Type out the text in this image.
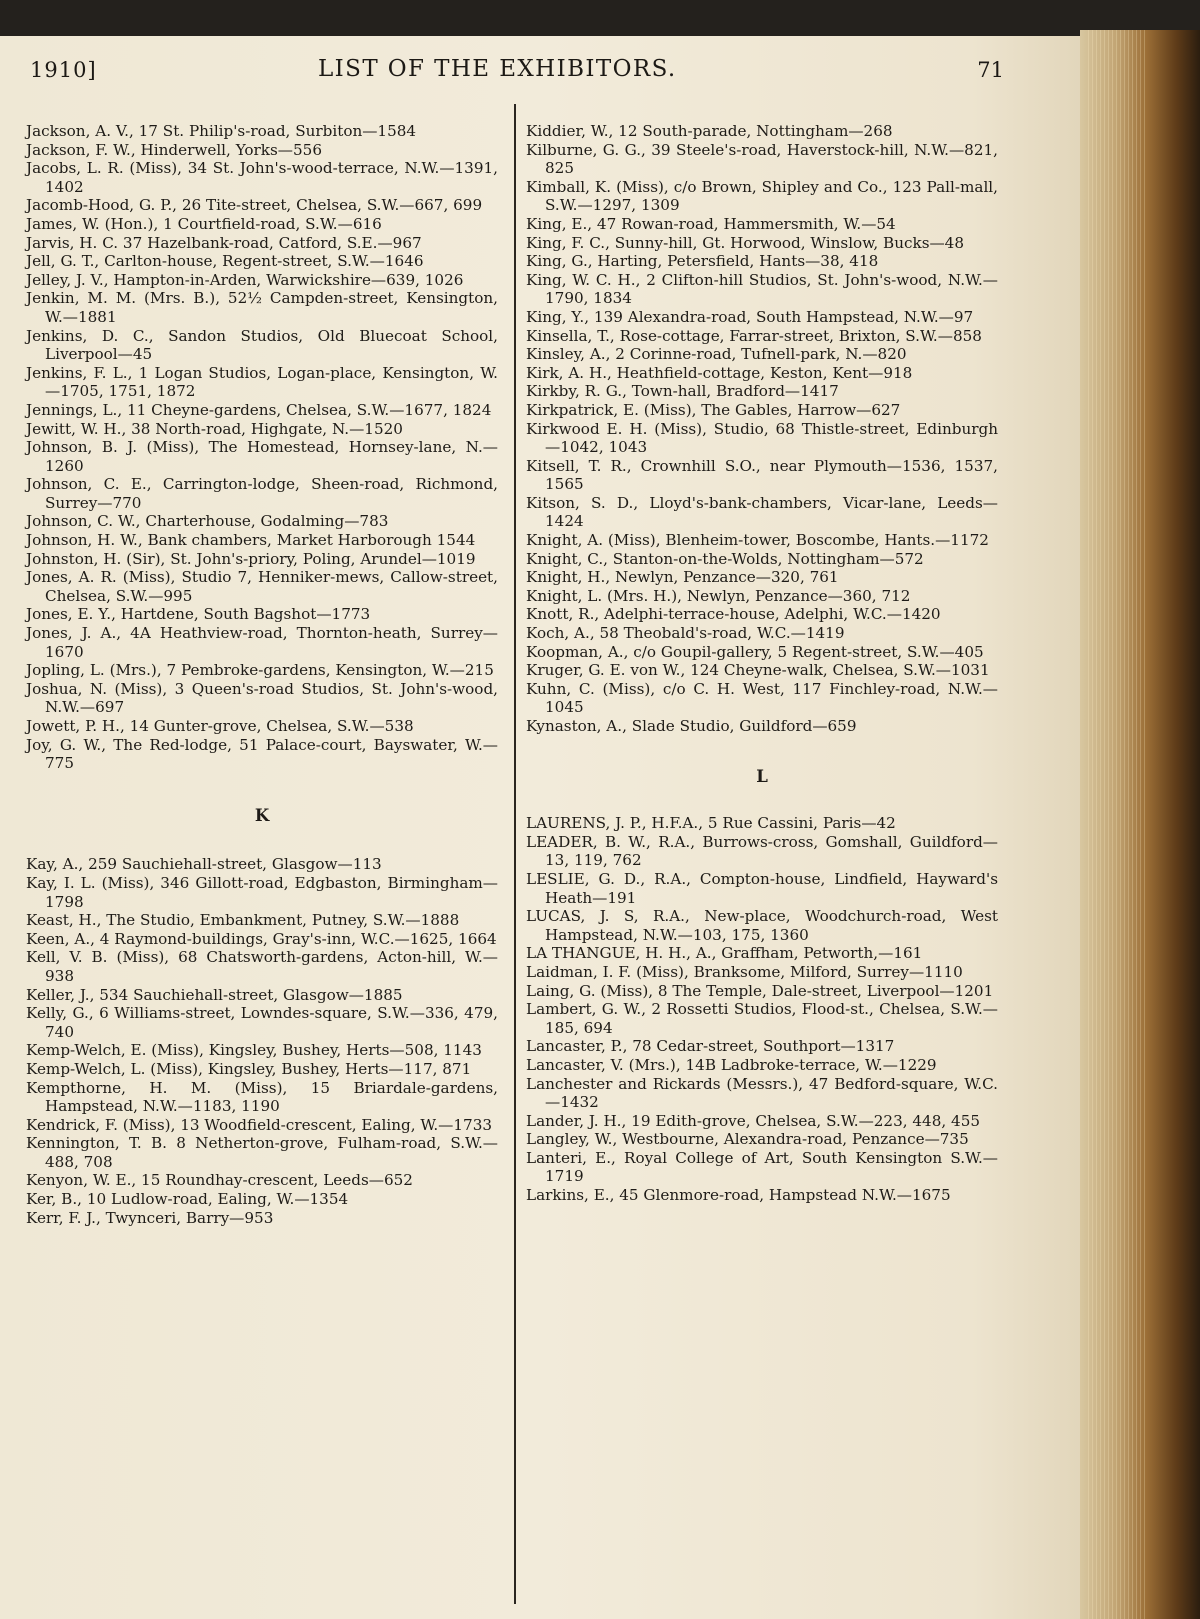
1910]	LIST OF THE EXHIBITORS.	71

Jackson, A. V., 17 St. Philip's-road, Surbiton—1584

Jackson, F. W., Hinderwell, Yorks—556

Jacobs, L. R. (Miss), 34 St. John's-wood-terrace, N.W.—1391, 1402

Jacomb-Hood, G. P., 26 Tite-street, Chelsea, S.W.—667, 699

James, W. (Hon.), 1 Courtfield-road, S.W.—616

Jarvis, H. C. 37 Hazelbank-road, Catford, S.E.—967

Jell, G. T., Carlton-house, Regent-street, S.W.—1646

Jelley, J. V., Hampton-in-Arden, Warwickshire—639, 1026

Jenkin, M. M. (Mrs. B.), 52½ Campden-street, Kensington, W.—1881

Jenkins, D. C., Sandon Studios, Old Bluecoat School, Liverpool—45

Jenkins, F. L., 1 Logan Studios, Logan-place, Kensington, W.—1705, 1751, 1872

Jennings, L., 11 Cheyne-gardens, Chelsea, S.W.—1677, 1824

Jewitt, W. H., 38 North-road, Highgate, N.—1520

Johnson, B. J. (Miss), The Homestead, Hornsey-lane, N.—1260

Johnson, C. E., Carrington-lodge, Sheen-road, Richmond, Surrey—770

Johnson, C. W., Charterhouse, Godalming—783

Johnson, H. W., Bank chambers, Market Harborough 1544

Johnston, H. (Sir), St. John's-priory, Poling, Arundel—1019

Jones, A. R. (Miss), Studio 7, Henniker-mews, Callow-street, Chelsea, S.W.—995

Jones, E. Y., Hartdene, South Bagshot—1773

Jones, J. A., 4A Heathview-road, Thornton-heath, Surrey—1670

Jopling, L. (Mrs.), 7 Pembroke-gardens, Kensington, W.—215

Joshua, N. (Miss), 3 Queen's-road Studios, St. John's-wood, N.W.—697

Jowett, P. H., 14 Gunter-grove, Chelsea, S.W.—538

Joy, G. W., The Red-lodge, 51 Palace-court, Bayswater, W.—775

K

Kay, A., 259 Sauchiehall-street, Glasgow—113

Kay, I. L. (Miss), 346 Gillott-road, Edgbaston, Birmingham—1798

Keast, H., The Studio, Embankment, Putney, S.W.—1888

Keen, A., 4 Raymond-buildings, Gray's-inn, W.C.—1625, 1664

Kell, V. B. (Miss), 68 Chatsworth-gardens, Acton-hill, W.—938

Keller, J., 534 Sauchiehall-street, Glasgow—1885

Kelly, G., 6 Williams-street, Lowndes-square, S.W.—336, 479, 740

Kemp-Welch, E. (Miss), Kingsley, Bushey, Herts—508, 1143

Kemp-Welch, L. (Miss), Kingsley, Bushey, Herts—117, 871

Kempthorne, H. M. (Miss), 15 Briardale-gardens, Hampstead, N.W.—1183, 1190

Kendrick, F. (Miss), 13 Woodfield-crescent, Ealing, W.—1733

Kennington, T. B. 8 Netherton-grove, Fulham-road, S.W.—488, 708

Kenyon, W. E., 15 Roundhay-crescent, Leeds—652

Ker, B., 10 Ludlow-road, Ealing, W.—1354

Kerr, F. J., Twynceri, Barry—953

Kiddier, W., 12 South-parade, Nottingham—268

Kilburne, G. G., 39 Steele's-road, Haverstock-hill, N.W.—821, 825

Kimball, K. (Miss), c/o Brown, Shipley and Co., 123 Pall-mall, S.W.—1297, 1309

King, E., 47 Rowan-road, Hammersmith, W.—54

King, F. C., Sunny-hill, Gt. Horwood, Winslow, Bucks—48

King, G., Harting, Petersfield, Hants—38, 418

King, W. C. H., 2 Clifton-hill Studios, St. John's-wood, N.W.—1790, 1834

King, Y., 139 Alexandra-road, South Hampstead, N.W.—97

Kinsella, T., Rose-cottage, Farrar-street, Brixton, S.W.—858

Kinsley, A., 2 Corinne-road, Tufnell-park, N.—820

Kirk, A. H., Heathfield-cottage, Keston, Kent—918

Kirkby, R. G., Town-hall, Bradford—1417

Kirkpatrick, E. (Miss), The Gables, Harrow—627

Kirkwood E. H. (Miss), Studio, 68 Thistle-street, Edinburgh—1042, 1043

Kitsell, T. R., Crownhill S.O., near Plymouth—1536, 1537, 1565

Kitson, S. D., Lloyd's-bank-chambers, Vicar-lane, Leeds—1424

Knight, A. (Miss), Blenheim-tower, Boscombe, Hants.—1172

Knight, C., Stanton-on-the-Wolds, Nottingham—572

Knight, H., Newlyn, Penzance—320, 761

Knight, L. (Mrs. H.), Newlyn, Penzance—360, 712

Knott, R., Adelphi-terrace-house, Adelphi, W.C.—1420

Koch, A., 58 Theobald's-road, W.C.—1419

Koopman, A., c/o Goupil-gallery, 5 Regent-street, S.W.—405

Kruger, G. E. von W., 124 Cheyne-walk, Chelsea, S.W.—1031

Kuhn, C. (Miss), c/o C. H. West, 117 Finchley-road, N.W.—1045

Kynaston, A., Slade Studio, Guildford—659

L

LAURENS, J. P., H.F.A., 5 Rue Cassini, Paris—42

LEADER, B. W., R.A., Burrows-cross, Gomshall, Guildford—13, 119, 762

LESLIE, G. D., R.A., Compton-house, Lindfield, Hayward's Heath—191

LUCAS, J. S, R.A., New-place, Woodchurch-road, West Hampstead, N.W.—103, 175, 1360

LA THANGUE, H. H., A., Graffham, Petworth,—161

Laidman, I. F. (Miss), Branksome, Milford, Surrey—1110

Laing, G. (Miss), 8 The Temple, Dale-street, Liverpool—1201

Lambert, G. W., 2 Rossetti Studios, Flood-st., Chelsea, S.W.—185, 694

Lancaster, P., 78 Cedar-street, Southport—1317

Lancaster, V. (Mrs.), 14B Ladbroke-terrace, W.—1229

Lanchester and Rickards (Messrs.), 47 Bedford-square, W.C.—1432

Lander, J. H., 19 Edith-grove, Chelsea, S.W.—223, 448, 455

Langley, W., Westbourne, Alexandra-road, Penzance—735

Lanteri, E., Royal College of Art, South Kensington S.W.—1719

Larkins, E., 45 Glenmore-road, Hampstead N.W.—1675
